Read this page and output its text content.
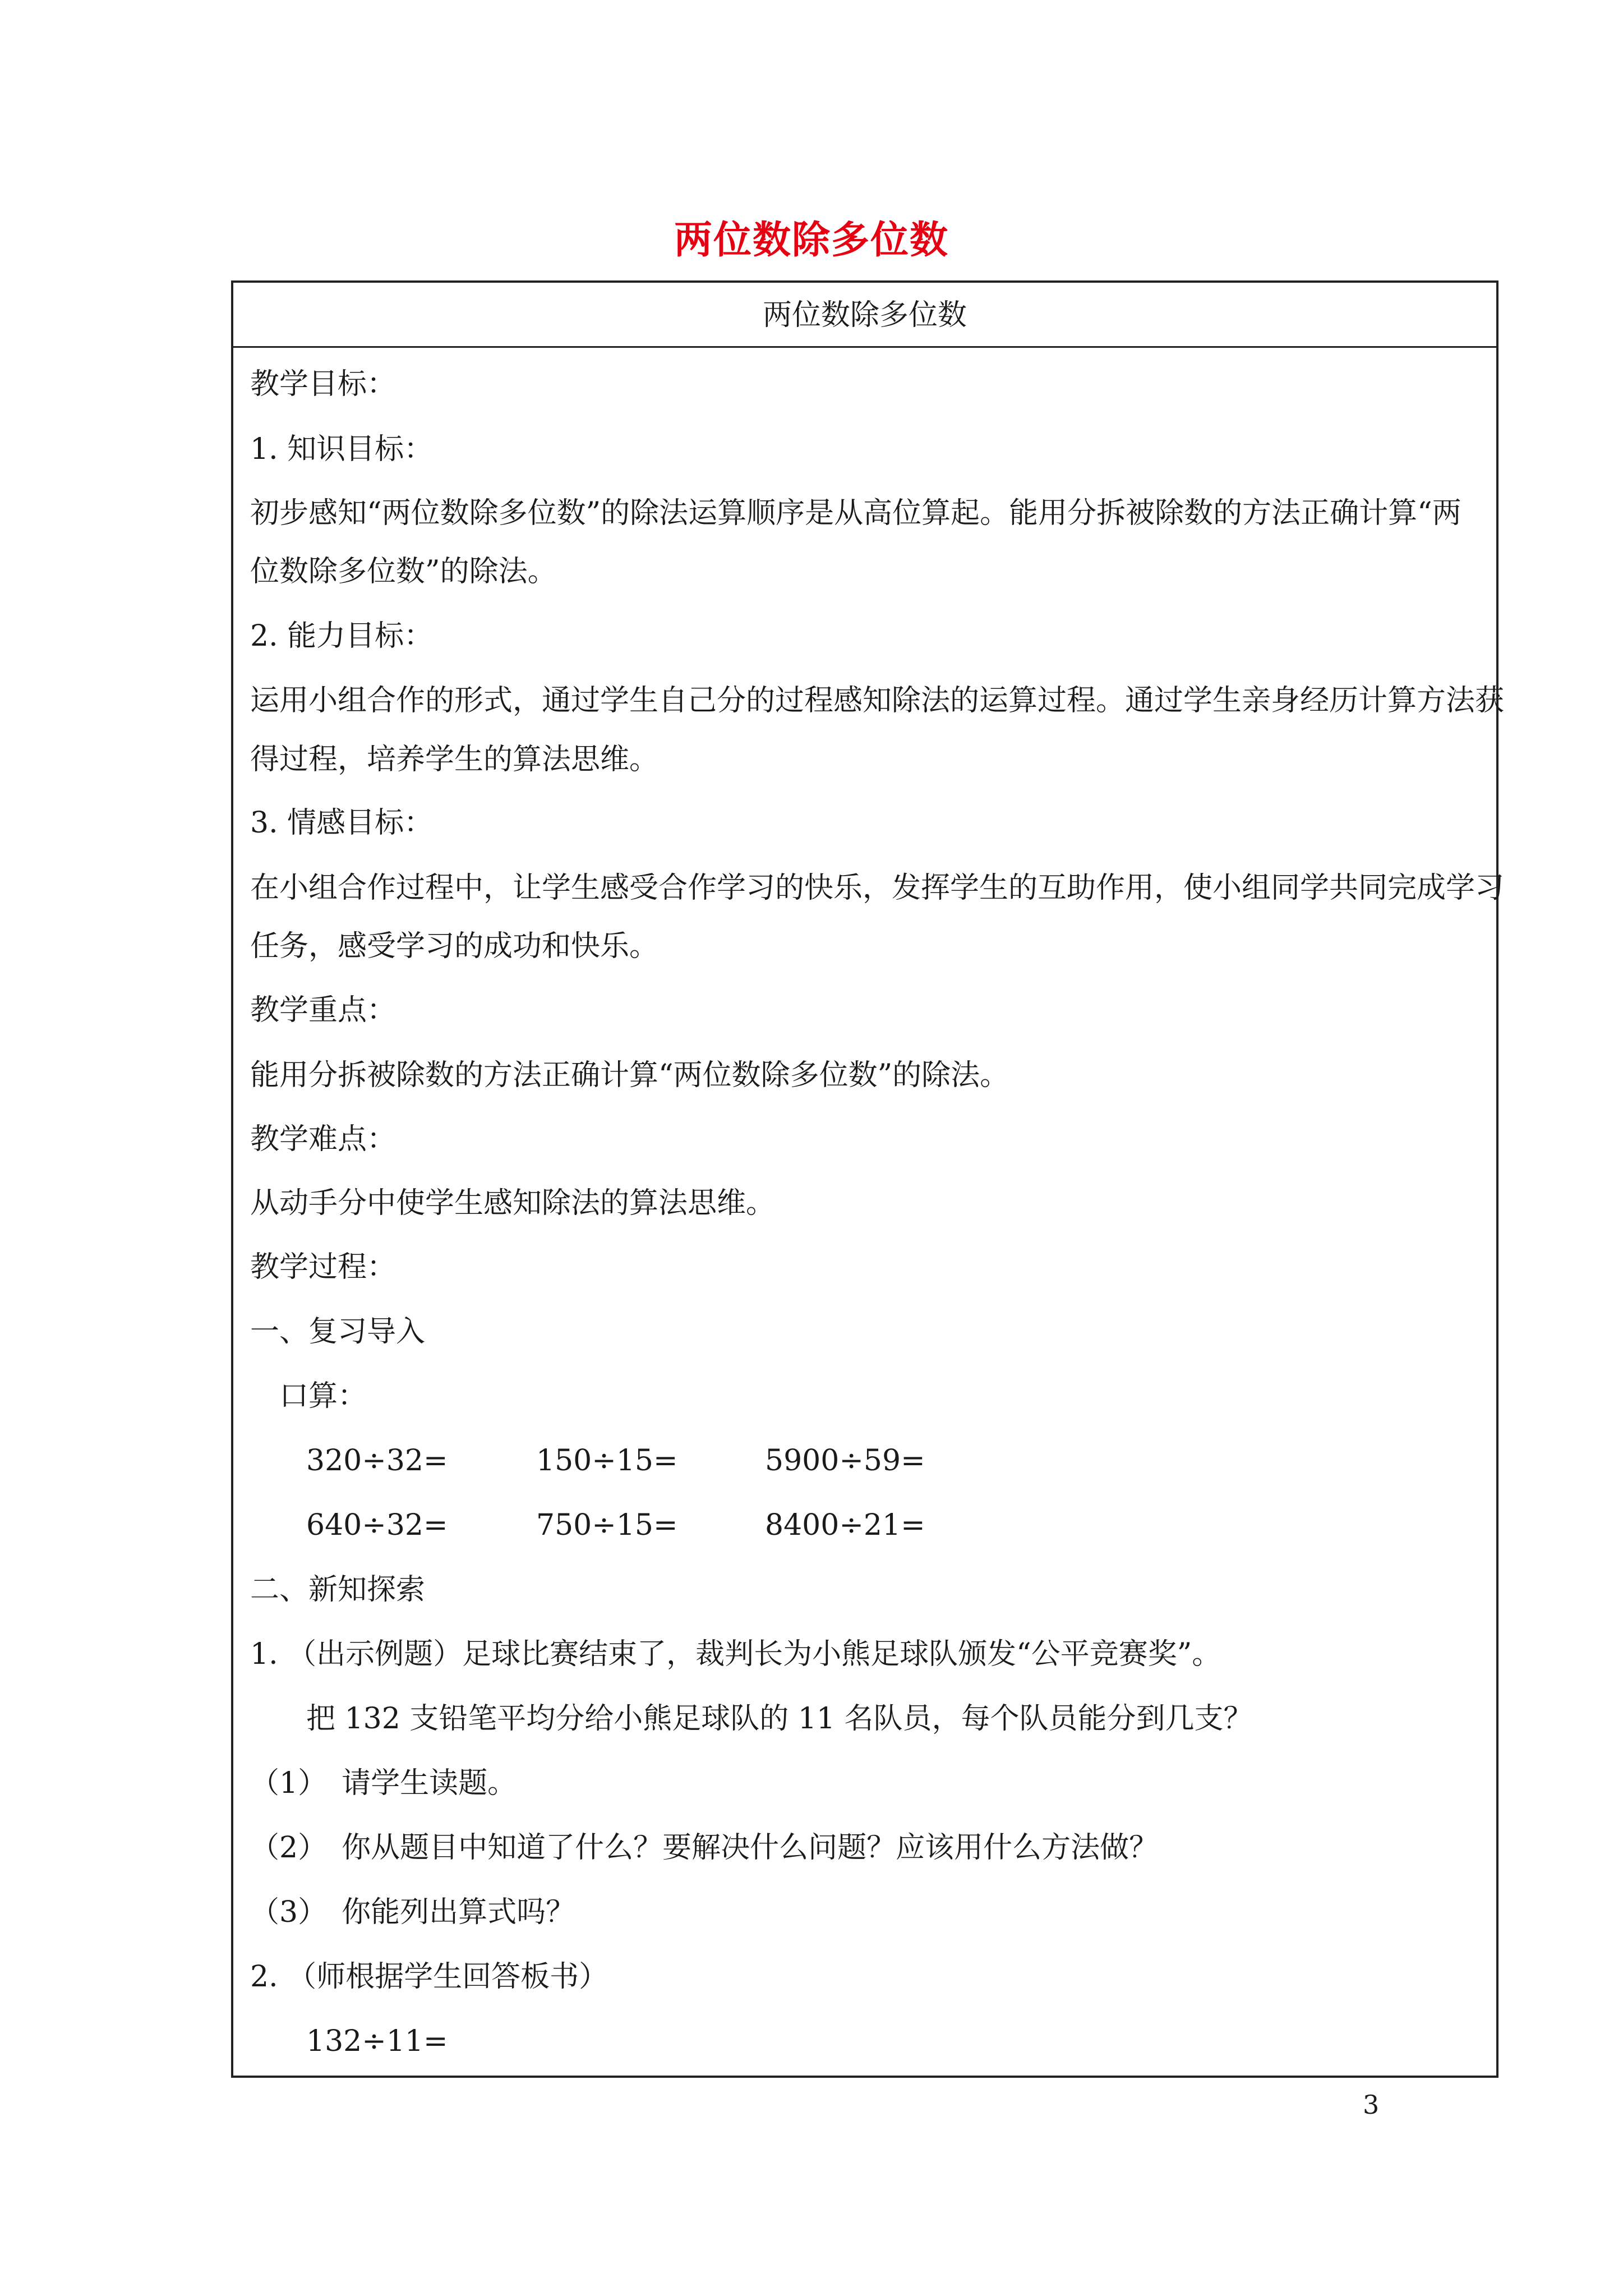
两位数除多位数
两位数除多位数
教学目标：
1. 知识目标：
初步感知“两位数除多位数”的除法运算顺序是从高位算起。能用分拆被除数的方法正确计算“两
位数除多位数”的除法。
2. 能力目标：
运用小组合作的形式，通过学生自己分的过程感知除法的运算过程。通过学生亲身经历计算方法获
得过程，培养学生的算法思维。
3. 情感目标：
在小组合作过程中，让学生感受合作学习的快乐，发挥学生的互助作用，使小组同学共同完成学习
任务，感受学习的成功和快乐。
教学重点：
能用分拆被除数的方法正确计算“两位数除多位数”的除法。
教学难点：
从动手分中使学生感知除法的算法思维。
教学过程：
一、复习导入
口算：
320÷32=	150÷15=	5900÷59=
640÷32=	750÷15=	8400÷21=
二、新知探索
1. （出示例题）足球比赛结束了，裁判长为小熊足球队颁发“公平竞赛奖”。
把 132 支铅笔平均分给小熊足球队的 11 名队员，每个队员能分到几支？
（1）　请学生读题。
（2）　你从题目中知道了什么？要解决什么问题？应该用什么方法做？
（3）　你能列出算式吗？
2. （师根据学生回答板书）
132÷11=
3
